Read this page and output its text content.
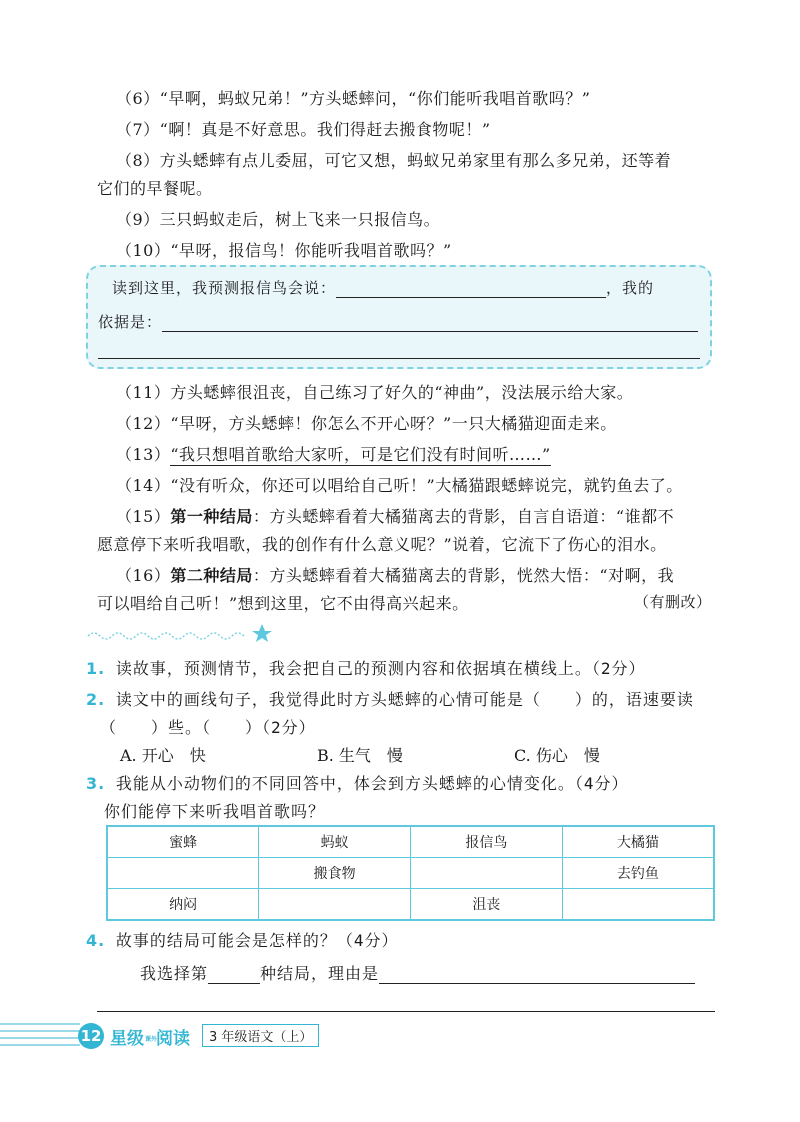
（6）“早啊，蚂蚁兄弟！”方头蟋蟀问，“你们能听我唱首歌吗？”
（7）“啊！真是不好意思。我们得赶去搬食物呢！”
（8）方头蟋蟀有点儿委屈，可它又想，蚂蚁兄弟家里有那么多兄弟，还等着
它们的早餐呢。
（9）三只蚂蚁走后，树上飞来一只报信鸟。
（10）“早呀，报信鸟！你能听我唱首歌吗？”
读到这里，我预测报信鸟会说：	，我的
依据是：
（11）方头蟋蟀很沮丧，自己练习了好久的“神曲”，没法展示给大家。
（12）“早呀，方头蟋蟀！你怎么不开心呀？”一只大橘猫迎面走来。
（13）“我只想唱首歌给大家听，可是它们没有时间听……”
（14）“没有听众，你还可以唱给自己听！”大橘猫跟蟋蟀说完，就钓鱼去了。
（15）第一种结局：方头蟋蟀看着大橘猫离去的背影，自言自语道：“谁都不
愿意停下来听我唱歌，我的创作有什么意义呢？”说着，它流下了伤心的泪水。
（16）第二种结局：方头蟋蟀看着大橘猫离去的背影，恍然大悟：“对啊，我
可以唱给自己听！”想到这里，它不由得高兴起来。	（有删改）
1. 读故事，预测情节，我会把自己的预测内容和依据填在横线上。（2分）
2. 读文中的画线句子，我觉得此时方头蟋蟀的心情可能是（　　）的，语速要读
（　　）些。（　　）（2分）
A. 开心　快	B. 生气　慢	C. 伤心　慢
3. 我能从小动物们的不同回答中，体会到方头蟋蟀的心情变化。（4分）
你们能停下来听我唱首歌吗？
蜜蜂	蚂蚁	报信鸟	大橘猫
	搬食物		去钓鱼
纳闷		沮丧	
4. 故事的结局可能会是怎样的？（4分）
我选择第	种结局，理由是
12 星级课外阅读	3 年级语文（上）
